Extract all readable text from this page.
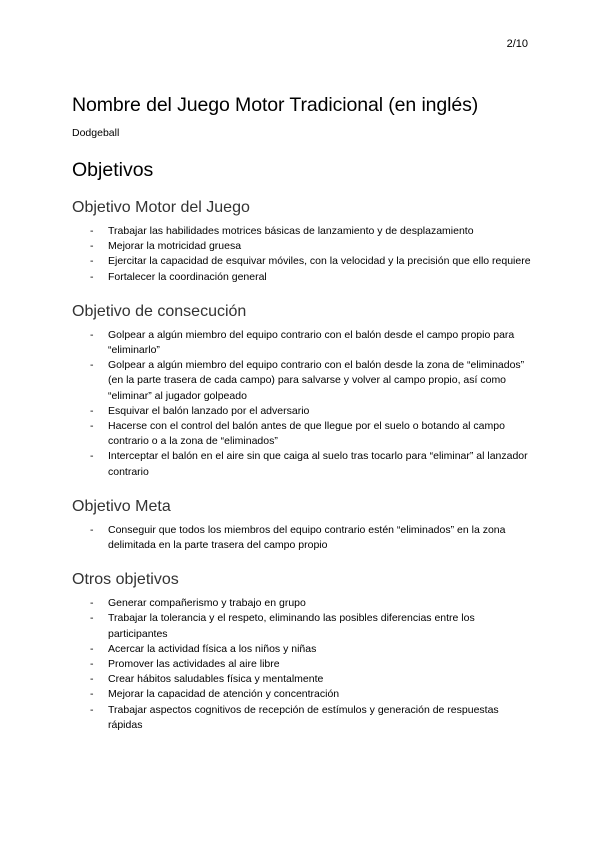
2/10
Nombre del Juego Motor Tradicional (en inglés)

Dodgeball

Objetivos
Objetivo Motor del Juego
- Trabajar las habilidades motrices básicas de lanzamiento y de desplazamiento
- Mejorar la motricidad gruesa
- Ejercitar la capacidad de esquivar móviles, con la velocidad y la precisión que ello requiere
- Fortalecer la coordinación general
Objetivo de consecución
- Golpear a algún miembro del equipo contrario con el balón desde el campo propio para “eliminarlo”
- Golpear a algún miembro del equipo contrario con el balón desde la zona de “eliminados” (en la parte trasera de cada campo) para salvarse y volver al campo propio, así como “eliminar” al jugador golpeado
- Esquivar el balón lanzado por el adversario
- Hacerse con el control del balón antes de que llegue por el suelo o botando al campo contrario o a la zona de “eliminados”
- Interceptar el balón en el aire sin que caiga al suelo tras tocarlo para “eliminar” al lanzador contrario
Objetivo Meta
- Conseguir que todos los miembros del equipo contrario estén “eliminados” en la zona delimitada en la parte trasera del campo propio
Otros objetivos
- Generar compañerismo y trabajo en grupo
- Trabajar la tolerancia y el respeto, eliminando las posibles diferencias entre los participantes
- Acercar la actividad física a los niños y niñas
- Promover las actividades al aire libre
- Crear hábitos saludables física y mentalmente
- Mejorar la capacidad de atención y concentración
- Trabajar aspectos cognitivos de recepción de estímulos y generación de respuestas rápidas
